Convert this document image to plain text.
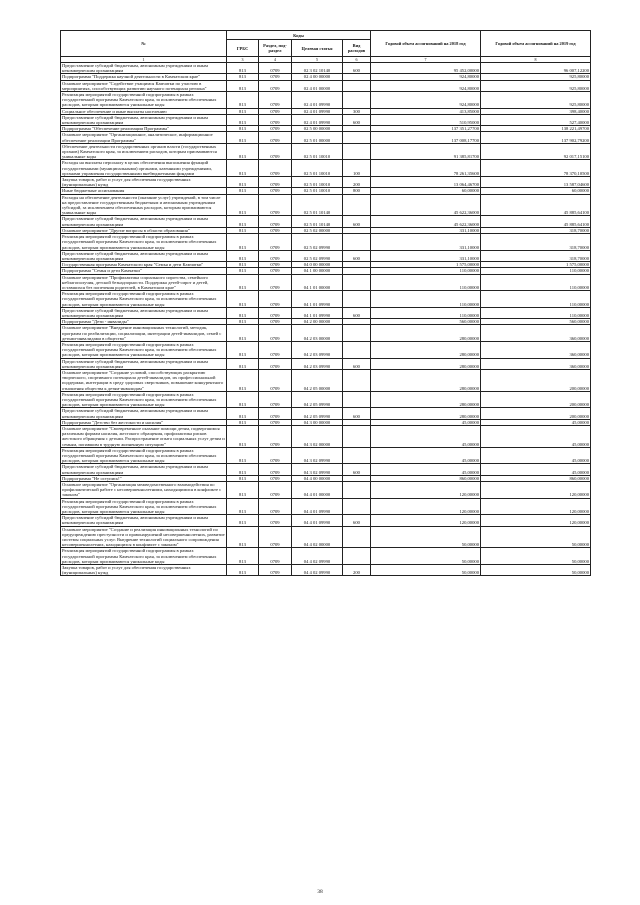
№	Коды				Годовой объем ассигнований на 2018 год	Годовой объем ассигнований на 2019 год
	ГРБС	Раздел, под-раздел	Целевая статья	Вид расходов		
1	3	4	5	6	7	8
Предоставление субсидий бюджетным, автономным учреждениям и иным некоммерческим организациям	813	0709	02 3 02 10140	600	95 452,00000	96 007,12200
Подпрограмма "Поддержка научной деятельности в Камчатском крае"	813	0709	02 4 00 00000		924,80000	925,80000
Основное мероприятие "Содействие учащимся Камчатки по участию в мероприятиях, способствующих развитию научного потенциала региона"	813	0709	02 4 01 00000		924,80000	925,80000
Реализация мероприятий государственной подпрограммы в рамках государственной программы Камчатского края, за исключением обеспеченных расходов, которым присваиваются уникальные коды	813	0709	02 4 01 09990		924,80000	925,80000
Социальное обеспечение и иные выплаты населению	813	0709	02 4 01 09990	300	413,85000	398,40000
Предоставление субсидий бюджетным, автономным учреждениям и иным некоммерческим организациям	813	0709	02 4 01 09990	600	510,95000	527,40000
Подпрограмма "Обеспечение реализации Программы"	813	0709	02 5 00 00000		137 351,27700	138 221,49700
Основное мероприятие "Организационное, аналитическое, информационное обеспечение реализации Программы"	813	0709	02 5 01 00000		137 008,17700	137 902,79200
Обеспечение деятельности государственных органов власти (государственных органов) Камчатского края, за исключением расходов, которым присваиваются уникальные коды	813	0709	02 5 01 10010		91 385,81700	92 017,15100
Расходы на выплаты персоналу в целях обеспечения выполнения функций государственными (муниципальными) органами, казенными учреждениями, органами управления государственными внебюджетными фондами	813	0709	02 5 01 10010	100	78 261,35600	78 370,10500
Закупка товаров, работ и услуг для обеспечения государственных (муниципальных) нужд	813	0709	02 5 01 10010	200	13 064,46700	13 587,04600
Иные бюджетные ассигнования	813	0709	02 5 01 10010	800	60,00000	60,00000
Расходы на обеспечение деятельности (оказание услуг) учреждений, в том числе на предоставление государственным бюджетным и автономным учреждениям субсидий, за исключением обеспеченных расходов, которым присваиваются уникальные коды	813	0709	02 5 01 10140		45 622,36000	45 885,64100
Предоставление субсидий бюджетным, автономным учреждениям и иным некоммерческим организациям	813	0709	02 5 01 10140	600	45 622,36000	45 885,64100
Основное мероприятие "Другие вопросы в области образования"	813	0709	02 5 02 00000		331,10000	318,70000
Реализация мероприятий государственной подпрограммы в рамках государственной программы Камчатского края, за исключением обеспеченных расходов, которым присваиваются уникальные коды	813	0709	02 5 02 09990		331,10000	318,70000
Предоставление субсидий бюджетным, автономным учреждениям и иным некоммерческим организациям	813	0709	02 5 02 09990	600	331,10000	318,70000
Государственная программа Камчатского края "Семья и дети Камчатки"	813	0709	04 0 00 00000		1 575,00000	1 575,00000
Подпрограмма "Семья и дети Камчатки"	813	0709	04 1 00 00000		110,00000	110,00000
Основное мероприятие "Профилактика социального сиротства, семейного неблагополучия, детской безнадзорности. Поддержка детей-сирот и детей, оставшихся без попечения родителей, в Камчатском крае"	813	0709	04 1 01 00000		110,00000	110,00000
Реализация мероприятий государственной подпрограммы в рамках государственной программы Камчатского края, за исключением обеспеченных расходов, которым присваиваются уникальные коды	813	0709	04 1 01 09990		110,00000	110,00000
Предоставление субсидий бюджетным, автономным учреждениям и иным некоммерческим организациям	813	0709	04 1 01 09990	600	110,00000	110,00000
Подпрограмма "Дети - инвалиды"	813	0709	04 2 00 00000		560,00000	560,00000
Основное мероприятие "Внедрение инновационных технологий, методик, программ по реабилитации, социализации, интеграции детей-инвалидов, семей с детьми-инвалидами в общество"	813	0709	04 2 03 00000		280,00000	360,00000
Реализация мероприятий государственной подпрограммы в рамках государственной программы Камчатского края, за исключением обеспеченных расходов, которым присваиваются уникальные коды	813	0709	04 2 03 09990		280,00000	360,00000
Предоставление субсидий бюджетным, автономным учреждениям и иным некоммерческим организациям	813	0709	04 2 03 09990	600	280,00000	360,00000
Основное мероприятие "Создание условий, способствующих раскрытию творческого, спортивного потенциала детей-инвалидов, их профессиональной поддержки, интеграции в среду здоровых сверстников, повышение конкурентного отношения общества к детям-инвалидам"	813	0709	04 2 05 00000		280,00000	200,00000
Реализация мероприятий государственной подпрограммы в рамках государственной программы Камчатского края, за исключением обеспеченных расходов, которым присваиваются уникальные коды	813	0709	04 2 05 09990		280,00000	200,00000
Предоставление субсидий бюджетным, автономным учреждениям и иным некоммерческим организациям	813	0709	04 2 05 09990	600	280,00000	200,00000
Подпрограмма "Детство без жестокости и насилия"	813	0709	04 3 00 00000		45,00000	45,00000
Основное мероприятие "Своевременное оказание помощи детям, подвергшимся различным формам насилия, жестокого обращения, профилактика рисков жестокого обращения с детьми. Распространение опыта социальных услуг детям и семьям, попавшим в трудную жизненную ситуацию"	813	0709	04 3 02 00000		45,00000	45,00000
Реализация мероприятий государственной подпрограммы в рамках государственной программы Камчатского края, за исключением обеспеченных расходов, которым присваиваются уникальные коды	813	0709	04 3 02 09990		45,00000	45,00000
Предоставление субсидий бюджетным, автономным учреждениям и иным некоммерческим организациям	813	0709	04 3 02 09990	600	45,00000	45,00000
Подпрограмма "Не оступись!"	813	0709	04 4 00 00000		860,00000	860,00000
Основное мероприятие "Организация межведомственного взаимодействия по профилактической работе с несовершеннолетними, находящимися в конфликте с законом"	813	0709	04 4 01 00000		120,00000	120,00000
Реализация мероприятий государственной подпрограммы в рамках государственной программы Камчатского края, за исключением обеспеченных расходов, которым присваиваются уникальные коды	813	0709	04 4 01 09990		120,00000	120,00000
Предоставление субсидий бюджетным, автономным учреждениям и иным некоммерческим организациям	813	0709	04 4 01 09990	600	120,00000	120,00000
Основное мероприятие "Создание и реализация инновационных технологий по предупреждению преступности и правонарушений несовершеннолетних, развитие системы социальных услуг. Внедрение технологий социального сопровождения несовершеннолетних, находящихся в конфликте с законом"	813	0709	04 4 02 00000		50,00000	50,00000
Реализация мероприятий государственной подпрограммы в рамках государственной программы Камчатского края, за исключением обеспеченных расходов, которым присваиваются уникальные коды	813	0709	04 4 02 09990		50,00000	50,00000
Закупка товаров, работ и услуг для обеспечения государственных (муниципальных) нужд	813	0709	04 4 02 09990	200	50,00000	50,00000
38
